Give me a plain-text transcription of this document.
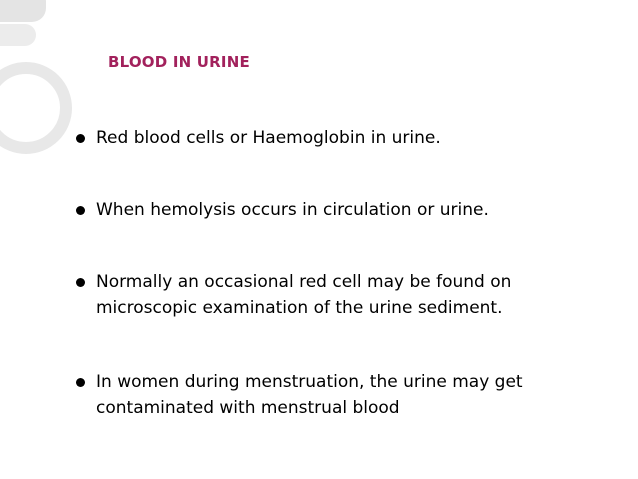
BLOOD IN URINE
Red blood cells or Haemoglobin in urine.
When hemolysis occurs in circulation or urine.
Normally an occasional red cell may be found on
microscopic examination of the urine sediment.
In women during menstruation, the urine may get
contaminated with menstrual blood
